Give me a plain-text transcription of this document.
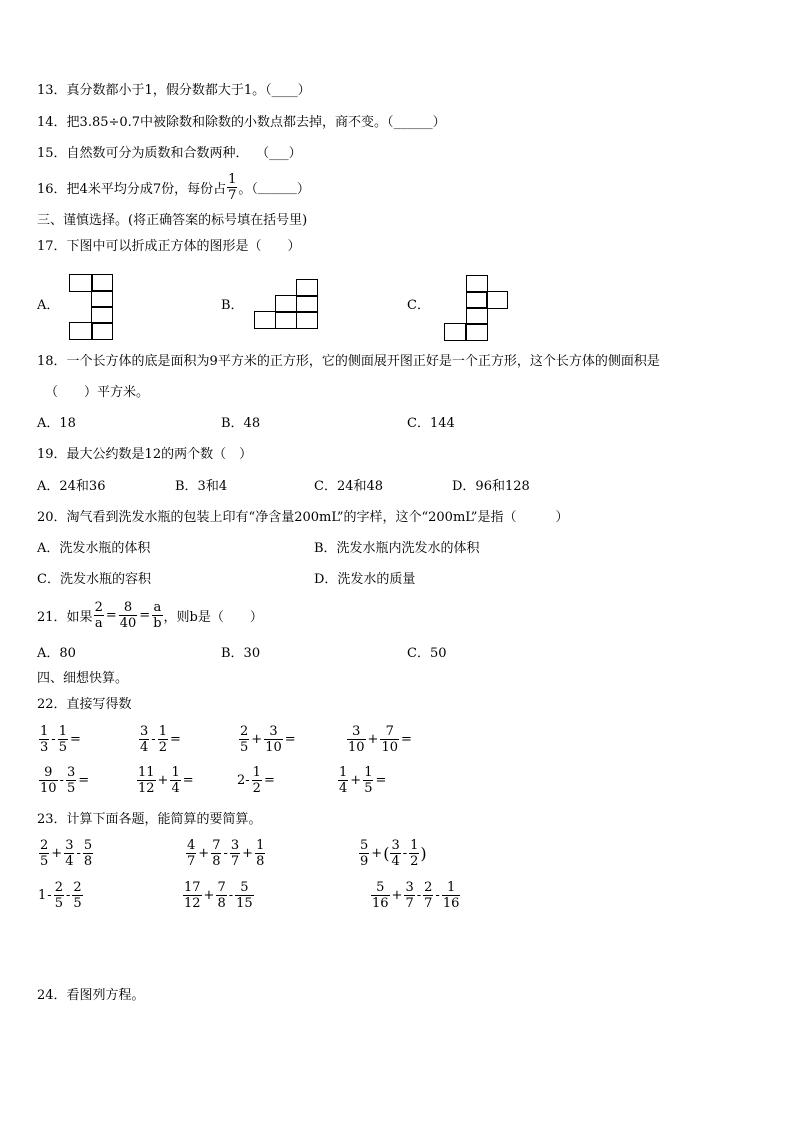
13．真分数都小于1，假分数都大于1。（____）
14．把3.85÷0.7中被除数和除数的小数点都去掉，商不变。（______）
15．自然数可分为质数和合数两种． （___）
16． 把4米平均分成7份，每份占 $\frac{1}{7}$ 。（ ______ ）
三、谨慎选择。(将正确答案的标号填在括号里)
17．下图中可以折成正方体的图形是（　　）
A．	B．	C．
18．一个长方体的底是面积为9平方米的正方形，它的侧面展开图正好是一个正方形，这个长方体的侧面积是
（　　）平方米。
A．18	B．48	C．144
19．最大公约数是12的两个数（　）
A．24和36	B．3和4	C．24和48	D．96和128
20．淘气看到洗发水瓶的包装上印有“净含量200mL”的字样，这个“200mL”是指（　　　）
A．洗发水瓶的体积	B．洗发水瓶内洗发水的体积
C．洗发水瓶的容积	D．洗发水的质量
21． 如果 $\frac{2}{a} = \frac{8}{40} = \frac{a}{b}$ ，则b是（　　）
A．80	B．30	C．50
四、细想快算。
22．直接写得数
$\frac{1}{3} - \frac{1}{5}$ =	$\frac{3}{4} - \frac{1}{2}$ =	$\frac{2}{5} + \frac{3}{10}$ =	$\frac{3}{10} + \frac{7}{10}$ =
$\frac{9}{10} - \frac{3}{5}$ =	$\frac{11}{12} + \frac{1}{4}$ =	$2- \frac{1}{2}$ =	$\frac{1}{4} + \frac{1}{5}$ =
23．计算下面各题，能简算的要简算。
$\frac{2}{5} + \frac{3}{4} - \frac{5}{8}$	$\frac{4}{7} + \frac{7}{8} - \frac{3}{7} + \frac{1}{8}$	$\frac{5}{9}$ + ( $\frac{3}{4} - \frac{1}{2}$ )
$1 - \frac{2}{5} - \frac{2}{5}$	$\frac{17}{12} + \frac{7}{8} - \frac{5}{15}$	$\frac{5}{16} + \frac{3}{7} - \frac{2}{7} - \frac{1}{16}$
24．看图列方程。
